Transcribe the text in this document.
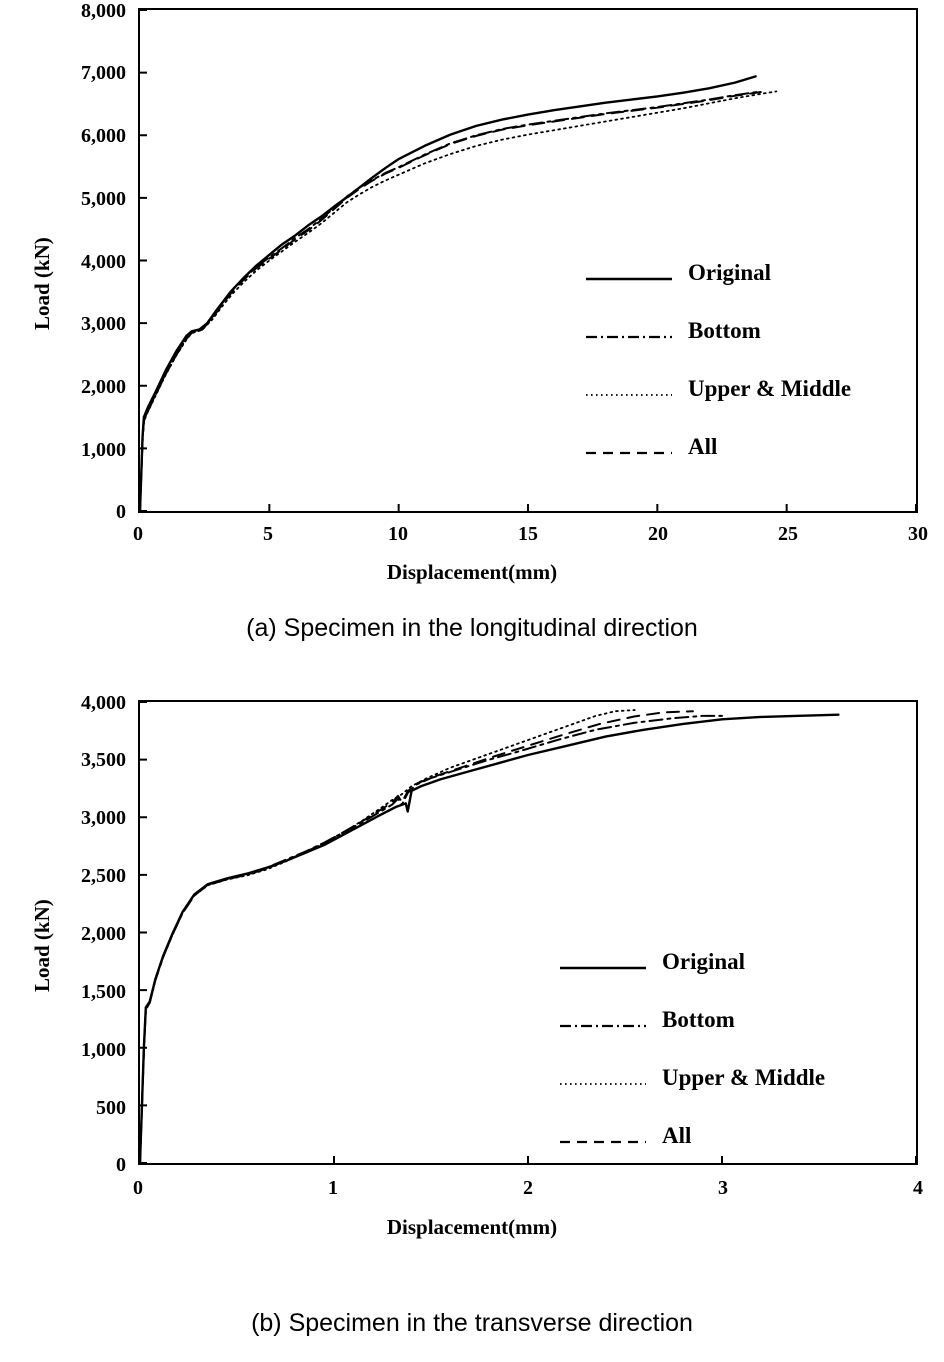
Load (kN)
8,000
7,000
6,000
5,000
4,000
3,000
2,000
1,000
0
0	5	10	15	20	25	30
Displacement(mm)
Original
Bottom
Upper & Middle
All
(a) Specimen in the longitudinal direction
Load (kN)
4,000
3,500
3,000
2,500
2,000
1,500
1,000
500
0
0	1	2	3	4
Displacement(mm)
Original
Bottom
Upper & Middle
All
(b) Specimen in the transverse direction
